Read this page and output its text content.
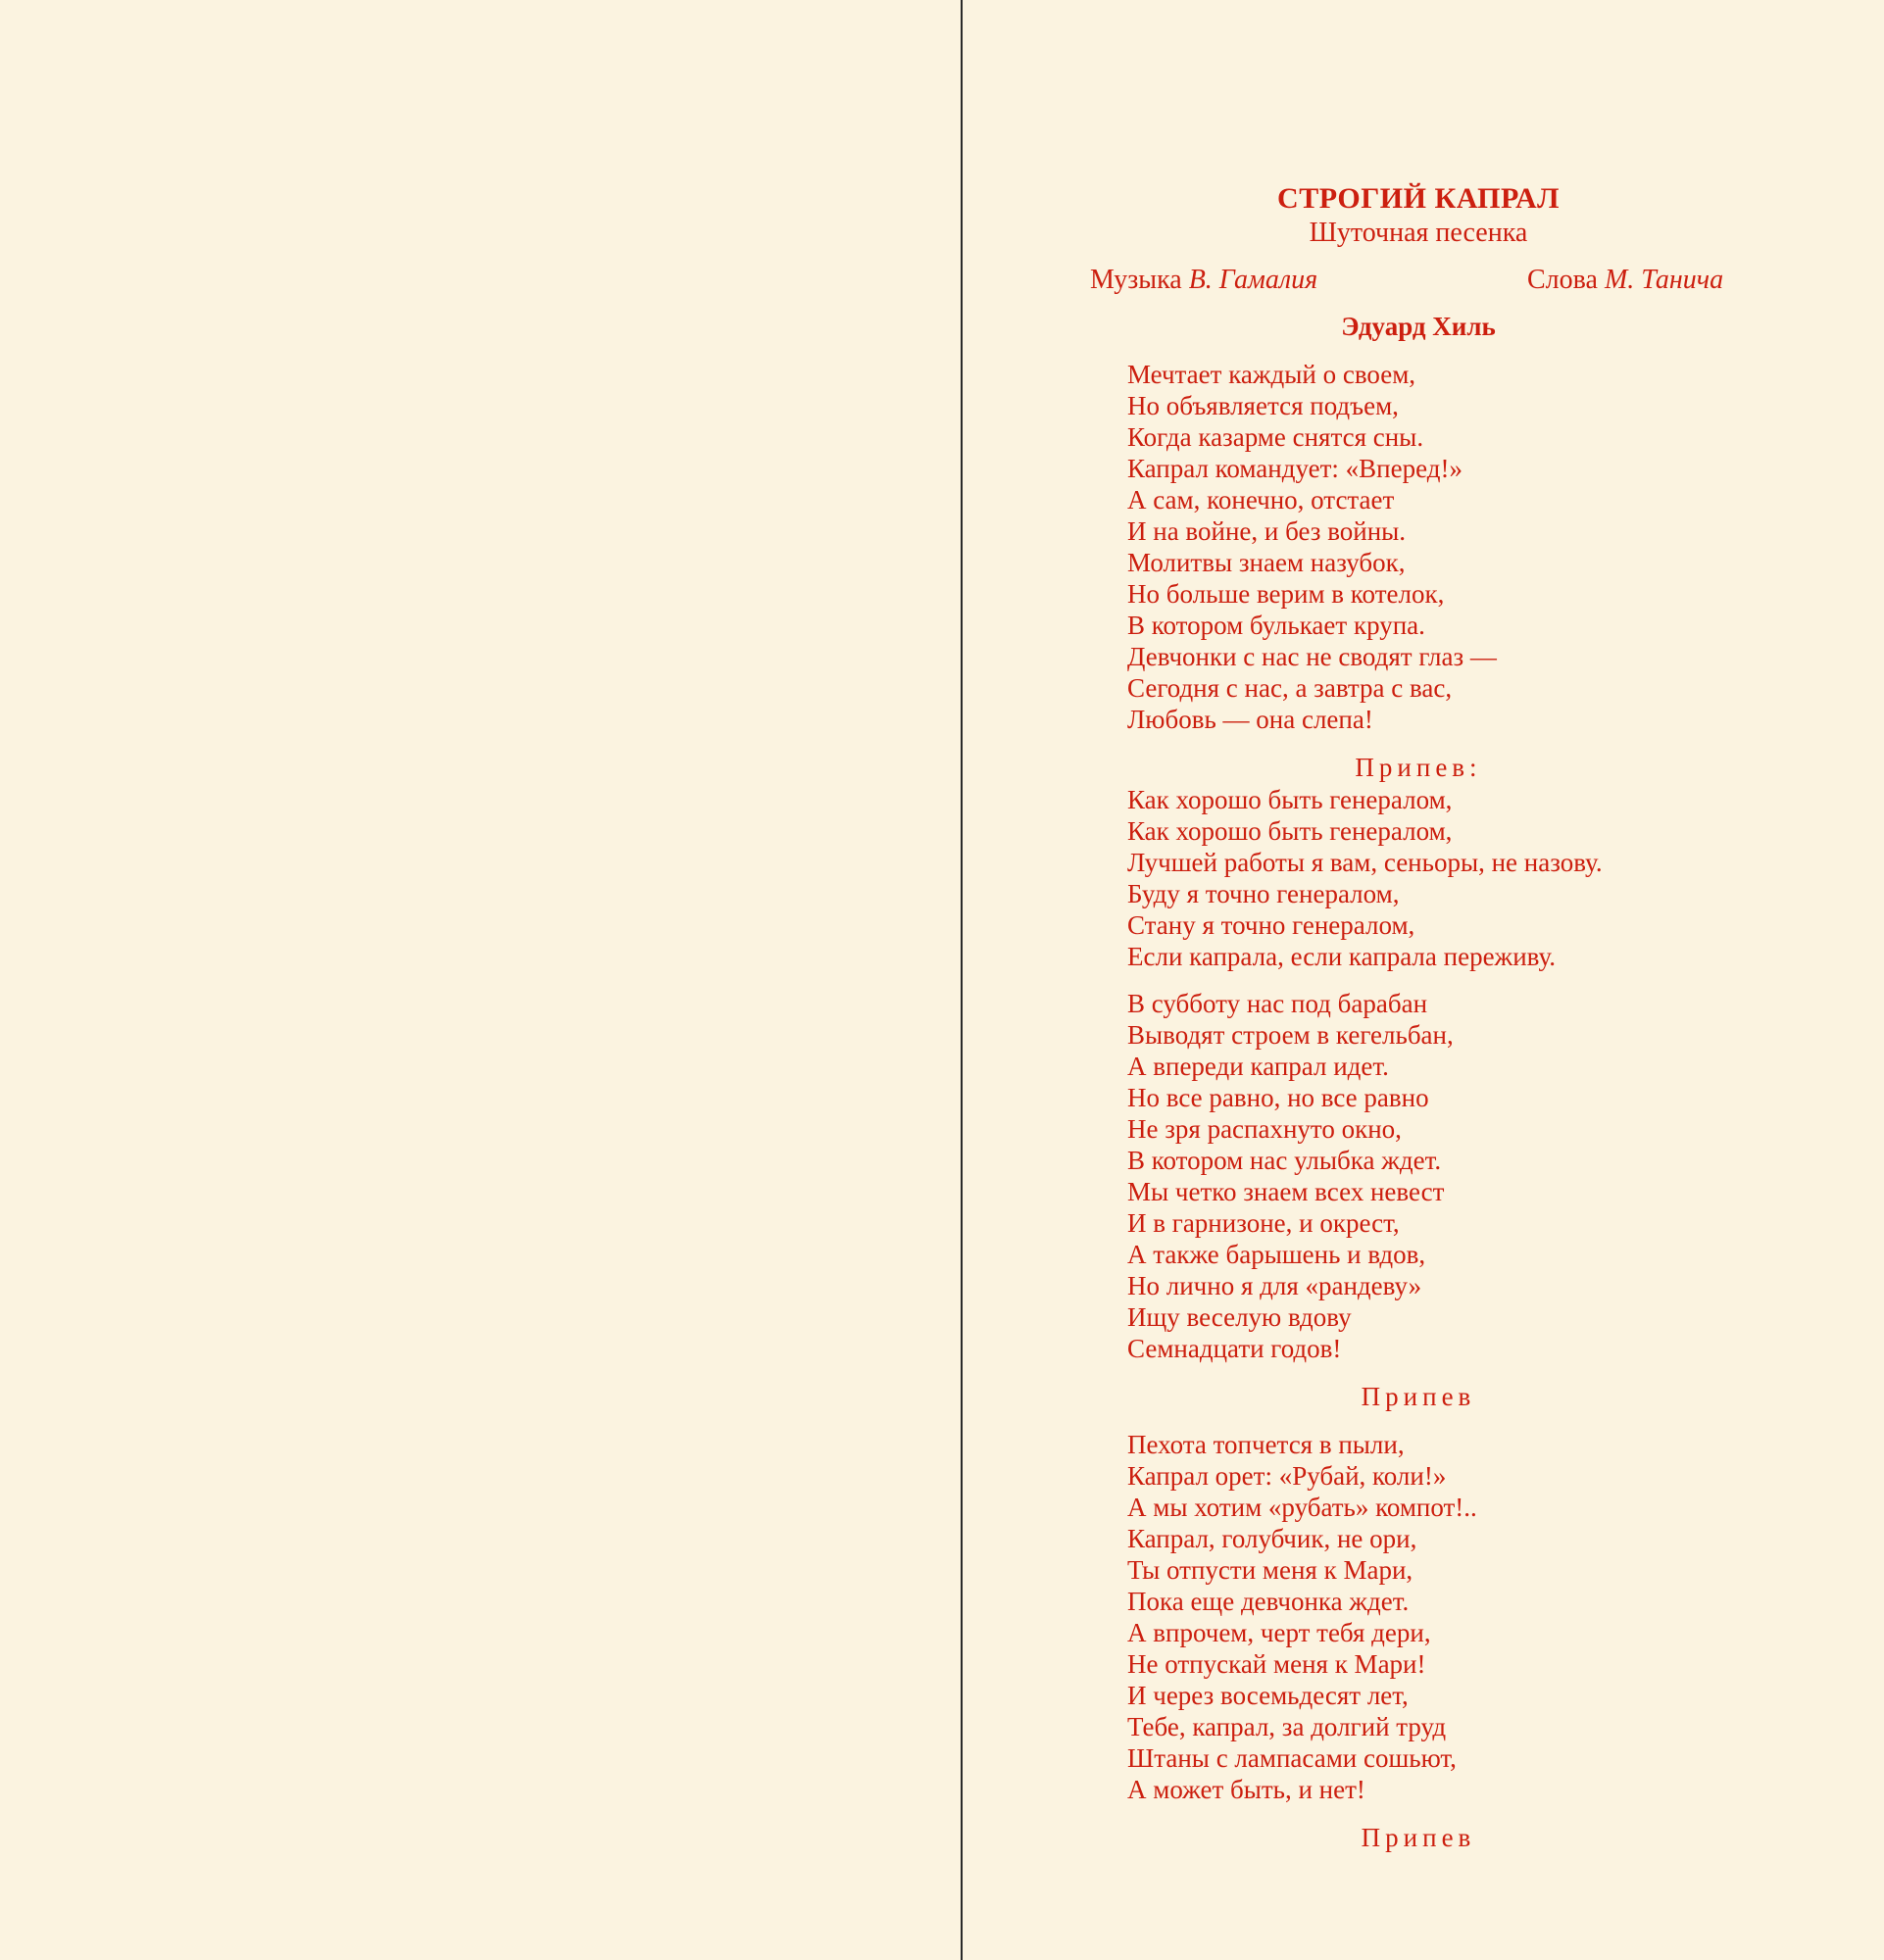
СТРОГИЙ КАПРАЛ
Шуточная песенка
Музыка В. Гамалия	Слова М. Танича
Эдуард Хиль
Мечтает каждый о своем,
Но объявляется подъем,
Когда казарме снятся сны.
Капрал командует: «Вперед!»
А сам, конечно, отстает
И на войне, и без войны.
Молитвы знаем назубок,
Но больше верим в котелок,
В котором булькает крупа.
Девчонки с нас не сводят глаз —
Сегодня с нас, а завтра с вас,
Любовь — она слепа!
Припев:
Как хорошо быть генералом,
Как хорошо быть генералом,
Лучшей работы я вам, сеньоры, не назову.
Буду я точно генералом,
Стану я точно генералом,
Если капрала, если капрала переживу.
В субботу нас под барабан
Выводят строем в кегельбан,
А впереди капрал идет.
Но все равно, но все равно
Не зря распахнуто окно,
В котором нас улыбка ждет.
Мы четко знаем всех невест
И в гарнизоне, и окрест,
А также барышень и вдов,
Но лично я для «рандеву»
Ищу веселую вдову
Семнадцати годов!
Припев
Пехота топчется в пыли,
Капрал орет: «Рубай, коли!»
А мы хотим «рубать» компот!..
Капрал, голубчик, не ори,
Ты отпусти меня к Мари,
Пока еще девчонка ждет.
А впрочем, черт тебя дери,
Не отпускай меня к Мари!
И через восемьдесят лет,
Тебе, капрал, за долгий труд
Штаны с лампасами сошьют,
А может быть, и нет!
Припев
